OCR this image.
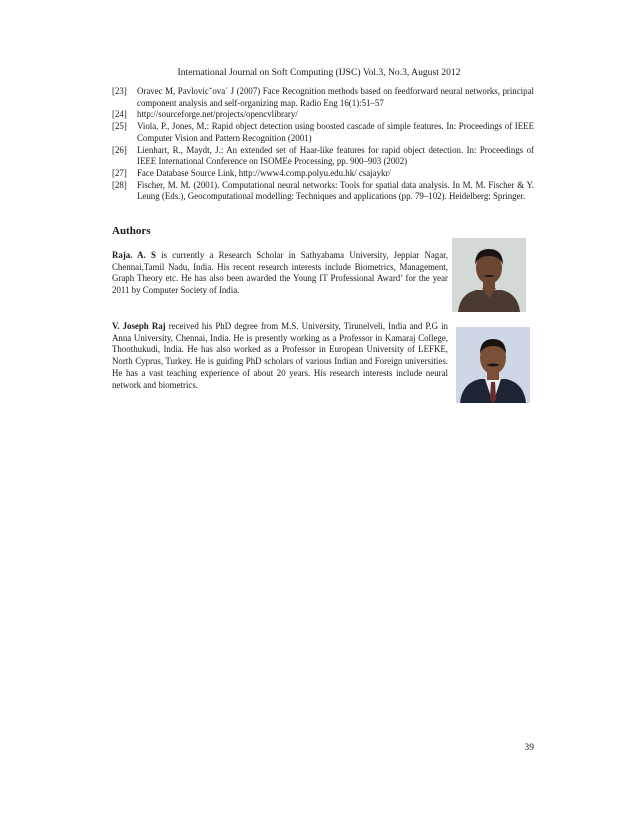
International Journal on Soft Computing (IJSC) Vol.3, No.3, August 2012
[23] Oravec M, Pavlovicˇova´ J (2007) Face Recognition methods based on feedforward neural networks, principal component analysis and self-organizing map. Radio Eng 16(1):51–57
[24] http://sourceforge.net/projects/opencvlibrary/
[25] Viola, P., Jones, M.: Rapid object detection using boosted cascade of simple features. In: Proceedings of IEEE Computer Vision and Pattern Recognition (2001)
[26] Lienhart, R., Maydt, J.: An extended set of Haar-like features for rapid object detection. In: Proceedings of IEEE International Conference on ISOMEe Processing, pp. 900–903 (2002)
[27] Face Database Source Link, http://www4.comp.polyu.edu.hk/ csajaykr/
[28] Fischer, M. M. (2001). Computational neural networks: Tools for spatial data analysis. In M. M. Fischer & Y. Leung (Eds.), Geocomputational modelling: Techniques and applications (pp. 79–102). Heidelberg: Springer.
Authors

Raja. A. S is currently a Research Scholar in Sathyabama University, Jeppiar Nagar, Chennai,Tamil Nadu, India. His recent research interests include Biometrics, Management, Graph Theory etc. He has also been awarded the Young IT Professional Award’ for the year 2011 by Computer Society of India.

V. Joseph Raj received his PhD degree from M.S. University, Tirunelveli, India and P.G in Anna University, Chennai, India. He is presently working as a Professor in Kamaraj College, Thoothukudi, India. He has also worked as a Professor in European University of LEFKE, North Cyprus, Turkey. He is guiding PhD scholars of various Indian and Foreign universities. He has a vast teaching experience of about 20 years. His research interests include neural network and biometrics.

39
